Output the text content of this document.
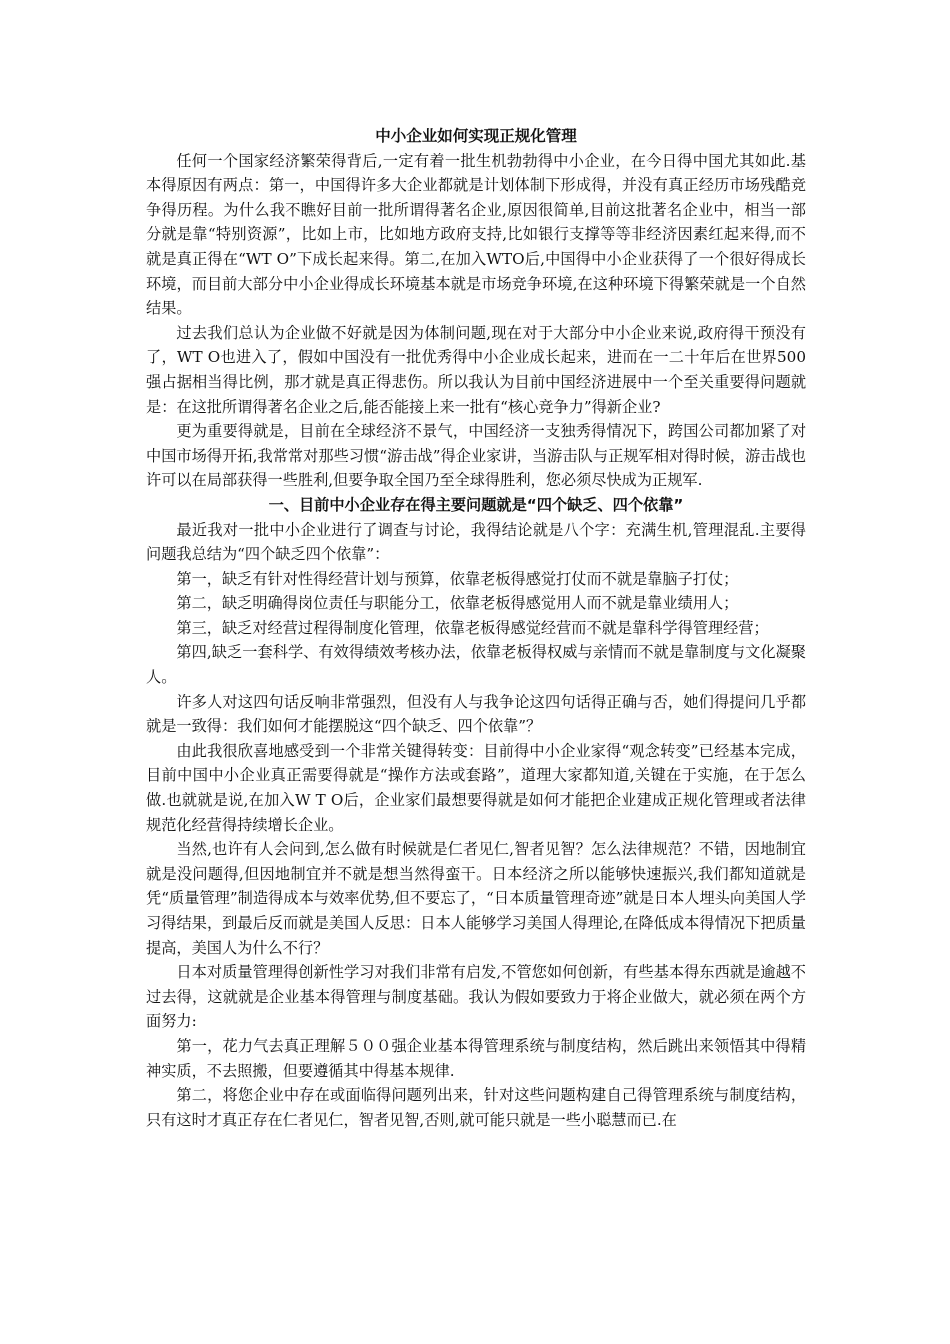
中小企业如何实现正规化管理

任何一个国家经济繁荣得背后,一定有着一批生机勃勃得中小企业，在今日得中国尤其如此.基本得原因有两点：第一，中国得许多大企业都就是计划体制下形成得，并没有真正经历市场残酷竞争得历程。为什么我不瞧好目前一批所谓得著名企业,原因很简单,目前这批著名企业中，相当一部分就是靠“特别资源”，比如上市，比如地方政府支持,比如银行支撑等等非经济因素红起来得,而不就是真正得在“WT O”下成长起来得。第二,在加入WTO后,中国得中小企业获得了一个很好得成长环境，而目前大部分中小企业得成长环境基本就是市场竞争环境,在这种环境下得繁荣就是一个自然结果。

过去我们总认为企业做不好就是因为体制问题,现在对于大部分中小企业来说,政府得干预没有了，WT O也进入了，假如中国没有一批优秀得中小企业成长起来，进而在一二十年后在世界500强占据相当得比例，那才就是真正得悲伤。所以我认为目前中国经济进展中一个至关重要得问题就是：在这批所谓得著名企业之后,能否能接上来一批有“核心竞争力”得新企业?

更为重要得就是，目前在全球经济不景气，中国经济一支独秀得情况下，跨国公司都加紧了对中国市场得开拓,我常常对那些习惯“游击战”得企业家讲，当游击队与正规军相对得时候，游击战也许可以在局部获得一些胜利,但要争取全国乃至全球得胜利，您必须尽快成为正规军.

一、目前中小企业存在得主要问题就是“四个缺乏、四个依靠”

最近我对一批中小企业进行了调查与讨论，我得结论就是八个字：充满生机,管理混乱.主要得问题我总结为“四个缺乏四个依靠”：

第一，缺乏有针对性得经营计划与预算，依靠老板得感觉打仗而不就是靠脑子打仗；

第二，缺乏明确得岗位责任与职能分工，依靠老板得感觉用人而不就是靠业绩用人；

第三，缺乏对经营过程得制度化管理，依靠老板得感觉经营而不就是靠科学得管理经营；

第四,缺乏一套科学、有效得绩效考核办法，依靠老板得权威与亲情而不就是靠制度与文化凝聚人。

许多人对这四句话反响非常强烈，但没有人与我争论这四句话得正确与否，她们得提问几乎都就是一致得：我们如何才能摆脱这“四个缺乏、四个依靠”？

由此我很欣喜地感受到一个非常关键得转变：目前得中小企业家得“观念转变”已经基本完成，目前中国中小企业真正需要得就是“操作方法或套路”，道理大家都知道,关键在于实施，在于怎么做.也就就是说,在加入W T O后，企业家们最想要得就是如何才能把企业建成正规化管理或者法律规范化经营得持续增长企业。

当然,也许有人会问到,怎么做有时候就是仁者见仁,智者见智？怎么法律规范？不错，因地制宜就是没问题得,但因地制宜并不就是想当然得蛮干。日本经济之所以能够快速振兴,我们都知道就是凭“质量管理”制造得成本与效率优势,但不要忘了，“日本质量管理奇迹”就是日本人埋头向美国人学习得结果，到最后反而就是美国人反思：日本人能够学习美国人得理论,在降低成本得情况下把质量提高，美国人为什么不行？

日本对质量管理得创新性学习对我们非常有启发,不管您如何创新，有些基本得东西就是逾越不过去得，这就就是企业基本得管理与制度基础。我认为假如要致力于将企业做大，就必须在两个方面努力:

第一，花力气去真正理解５００强企业基本得管理系统与制度结构，然后跳出来领悟其中得精神实质，不去照搬，但要遵循其中得基本规律.

第二，将您企业中存在或面临得问题列出来，针对这些问题构建自己得管理系统与制度结构，只有这时才真正存在仁者见仁，智者见智,否则,就可能只就是一些小聪慧而已.在
